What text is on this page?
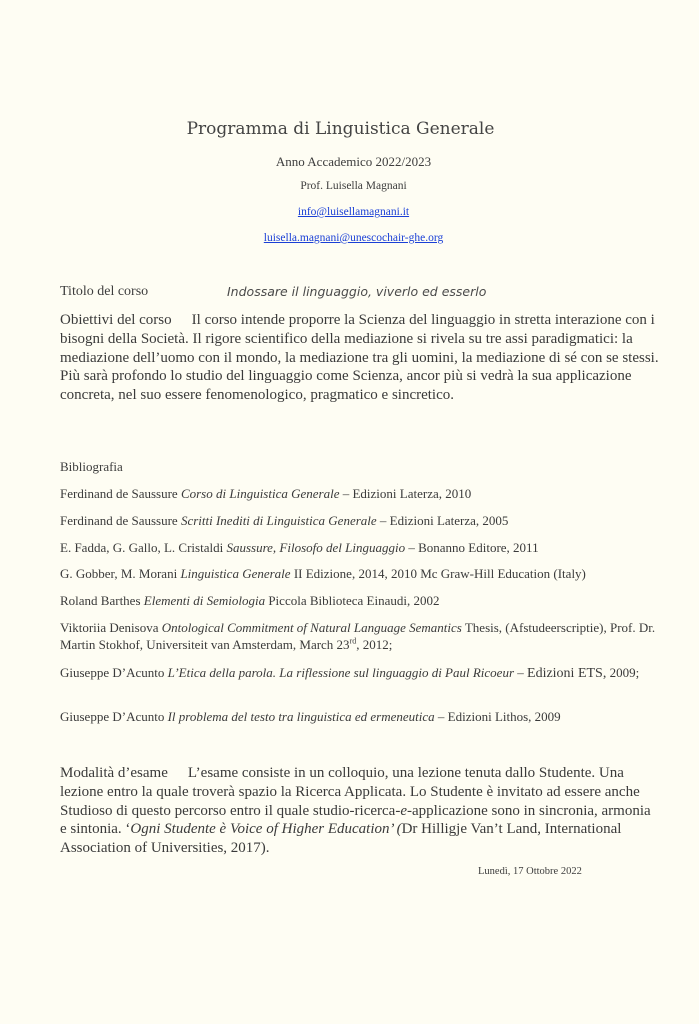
Programma di Linguistica Generale
Anno Accademico 2022/2023
Prof. Luisella Magnani
info@luisellamagnani.it
luisella.magnani@unescochair-ghe.org
Titolo del corso	Indossare il linguaggio, viverlo ed esserlo
Obiettivi del corso Il corso intende proporre la Scienza del linguaggio in stretta interazione con i bisogni della Società. Il rigore scientifico della mediazione si rivela su tre assi paradigmatici: la mediazione dell’uomo con il mondo, la mediazione tra gli uomini, la mediazione di sé con se stessi. Più sarà profondo lo studio del linguaggio come Scienza, ancor più si vedrà la sua applicazione concreta, nel suo essere fenomenologico, pragmatico e sincretico.
Bibliografia
Ferdinand de Saussure Corso di Linguistica Generale – Edizioni Laterza, 2010
Ferdinand de Saussure Scritti Inediti di Linguistica Generale – Edizioni Laterza, 2005
E. Fadda, G. Gallo, L. Cristaldi Saussure, Filosofo del Linguaggio – Bonanno Editore, 2011
G. Gobber, M. Morani Linguistica Generale II Edizione, 2014, 2010 Mc Graw-Hill Education (Italy)
Roland Barthes Elementi di Semiologia Piccola Biblioteca Einaudi, 2002
Viktoriia Denisova Ontological Commitment of Natural Language Semantics Thesis, (Afstudeerscriptie), Prof. Dr. Martin Stokhof, Universiteit van Amsterdam, March 23rd, 2012;
Giuseppe D’Acunto L’Etica della parola. La riflessione sul linguaggio di Paul Ricoeur – Edizioni ETS, 2009;
Giuseppe D’Acunto Il problema del testo tra linguistica ed ermeneutica – Edizioni Lithos, 2009
Modalità d’esame L’esame consiste in un colloquio, una lezione tenuta dallo Studente. Una lezione entro la quale troverà spazio la Ricerca Applicata. Lo Studente è invitato ad essere anche Studioso di questo percorso entro il quale studio-ricerca-e-applicazione sono in sincronia, armonia e sintonia. ‘Ogni Studente è Voice of Higher Education’ (Dr Hilligje Van’t Land, International Association of Universities, 2017).
Lunedì, 17 Ottobre 2022
